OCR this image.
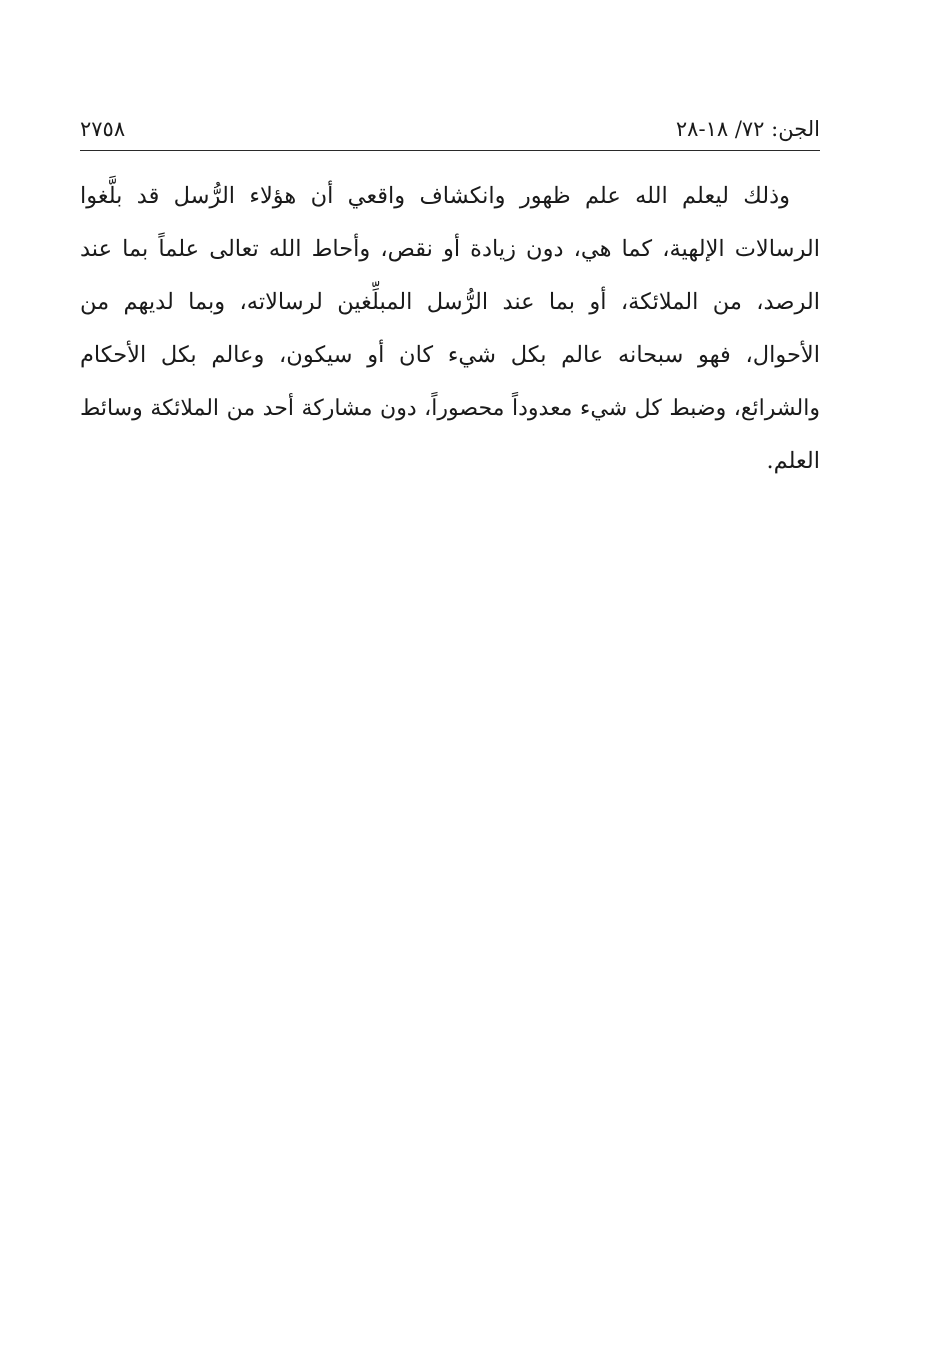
الجن: ٧٢/ ١٨-٢٨
٢٧٥٨
وذلك ليعلم الله علم ظهور وانكشاف واقعي أن هؤلاء الرُّسل قد بلَّغوا
الرسالات الإلهية، كما هي، دون زيادة أو نقص، وأحاط الله تعالى علماً بما عند
الرصد، من الملائكة، أو بما عند الرُّسل المبلِّغين لرسالاته، وبما لديهم من
الأحوال، فهو سبحانه عالم بكل شيء كان أو سيكون، وعالم بكل الأحكام
والشرائع، وضبط كل شيء معدوداً محصوراً، دون مشاركة أحد من الملائكة وسائط
العلم.
